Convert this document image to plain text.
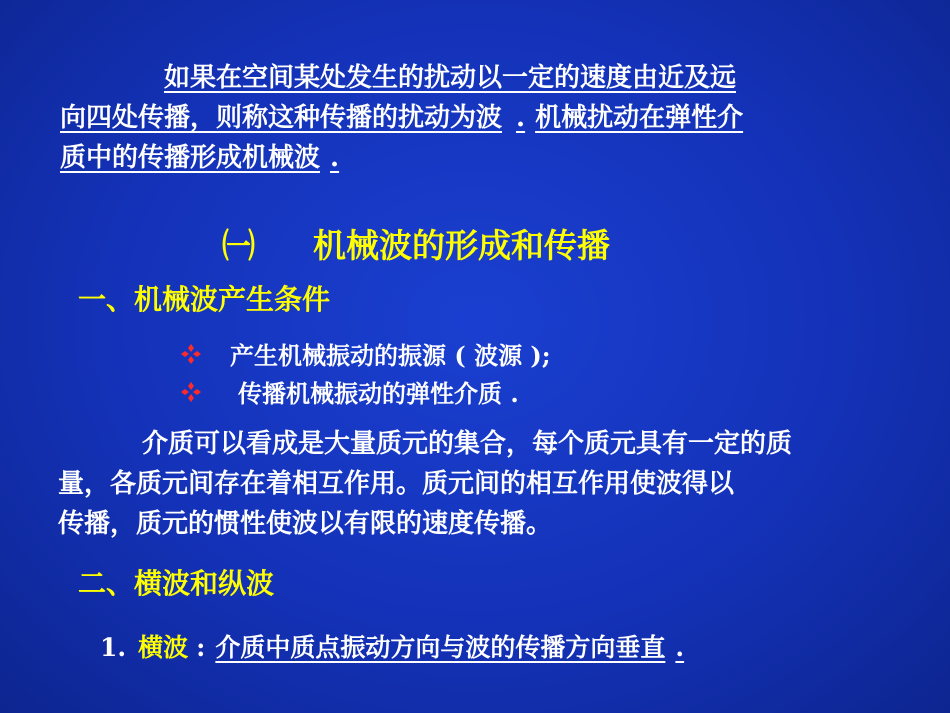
如果在空间某处发生的扰动以一定的速度由近及远
向四处传播，则称这种传播的扰动为波 . 机械扰动在弹性介
质中的传播形成机械波 .
㈠ 机械波的形成和传播
一、机械波产生条件
产生机械振动的振源 ( 波源 );
传播机械振动的弹性介质 .
介质可以看成是大量质元的集合，每个质元具有一定的质
量，各质元间存在着相互作用。质元间的相互作用使波得以
传播，质元的惯性使波以有限的速度传播。
二、横波和纵波
1. 横波 : 介质中质点振动方向与波的传播方向垂直 .
